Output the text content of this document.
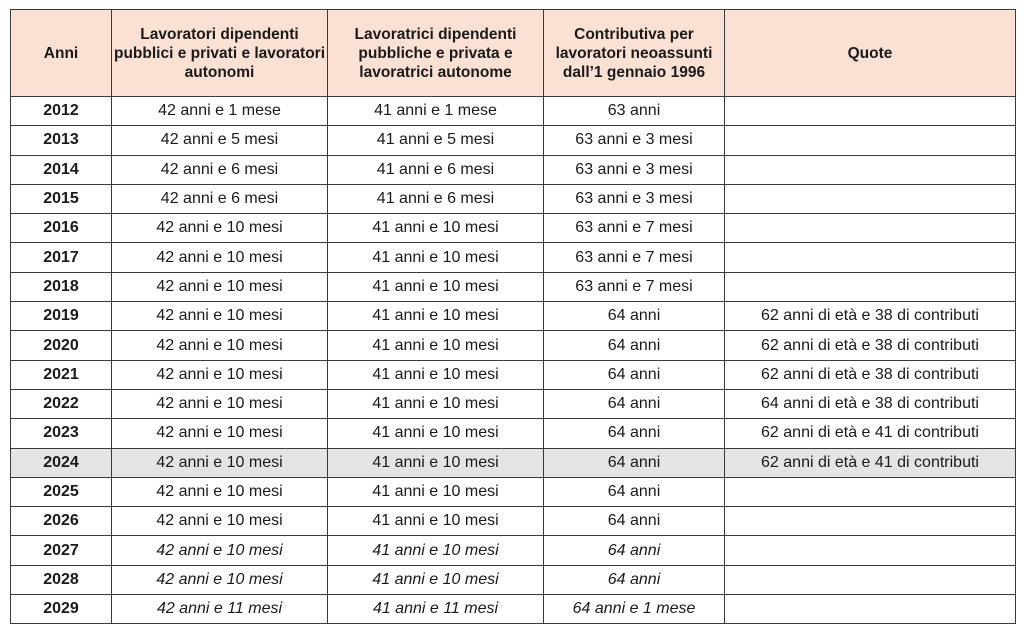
Anni	Lavoratori dipendenti pubblici e privati e lavoratori autonomi	Lavoratrici dipendenti pubbliche e privata e lavoratrici autonome	Contributiva per lavoratori neoassunti dall’1 gennaio 1996	Quote
2012	42 anni e 1 mese	41 anni e 1 mese	63 anni	
2013	42 anni e 5 mesi	41 anni e 5 mesi	63 anni e 3 mesi	
2014	42 anni e 6 mesi	41 anni e 6 mesi	63 anni e 3 mesi	
2015	42 anni e 6 mesi	41 anni e 6 mesi	63 anni e 3 mesi	
2016	42 anni e 10 mesi	41 anni e 10 mesi	63 anni e 7 mesi	
2017	42 anni e 10 mesi	41 anni e 10 mesi	63 anni e 7 mesi	
2018	42 anni e 10 mesi	41 anni e 10 mesi	63 anni e 7 mesi	
2019	42 anni e 10 mesi	41 anni e 10 mesi	64 anni	62 anni di età e 38 di contributi
2020	42 anni e 10 mesi	41 anni e 10 mesi	64 anni	62 anni di età e 38 di contributi
2021	42 anni e 10 mesi	41 anni e 10 mesi	64 anni	62 anni di età e 38 di contributi
2022	42 anni e 10 mesi	41 anni e 10 mesi	64 anni	64 anni di età e 38 di contributi
2023	42 anni e 10 mesi	41 anni e 10 mesi	64 anni	62 anni di età e 41 di contributi
2024	42 anni e 10 mesi	41 anni e 10 mesi	64 anni	62 anni di età e 41 di contributi
2025	42 anni e 10 mesi	41 anni e 10 mesi	64 anni	
2026	42 anni e 10 mesi	41 anni e 10 mesi	64 anni	
2027	42 anni e 10 mesi	41 anni e 10 mesi	64 anni	
2028	42 anni e 10 mesi	41 anni e 10 mesi	64 anni	
2029	42 anni e 11 mesi	41 anni e 11 mesi	64 anni e 1 mese	
